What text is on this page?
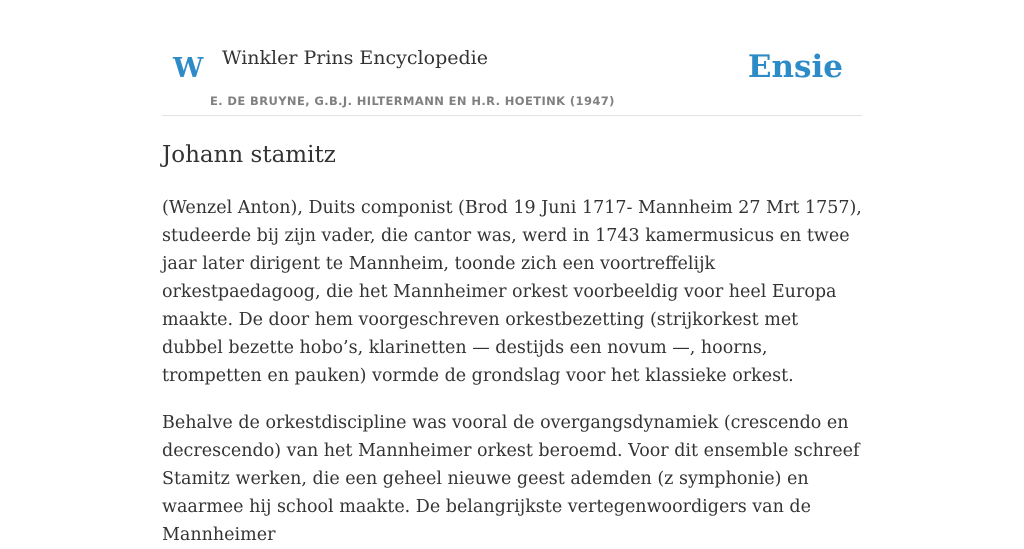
W Winkler Prins Encyclopedie
E. DE BRUYNE, G.B.J. HILTERMANN EN H.R. HOETINK (1947)
Ensie
Johann stamitz

(Wenzel Anton), Duits componist (Brod 19 Juni 1717- Mannheim 27 Mrt 1757), studeerde bij zijn vader, die cantor was, werd in 1743 kamermusicus en twee jaar later dirigent te Mannheim, toonde zich een voortreffelijk orkestpaedagoog, die het Mannheimer orkest voorbeeldig voor heel Europa maakte. De door hem voorgeschreven orkestbezetting (strijkorkest met dubbel bezette hobo’s, klarinetten — destijds een novum —, hoorns, trompetten en pauken) vormde de grondslag voor het klassieke orkest.

Behalve de orkestdiscipline was vooral de overgangsdynamiek (crescendo en decrescendo) van het Mannheimer orkest beroemd. Voor dit ensemble schreef Stamitz werken, die een geheel nieuwe geest ademden (z symphonie) en waarmee hij school maakte. De belangrijkste vertegenwoordigers van de Mannheimer
